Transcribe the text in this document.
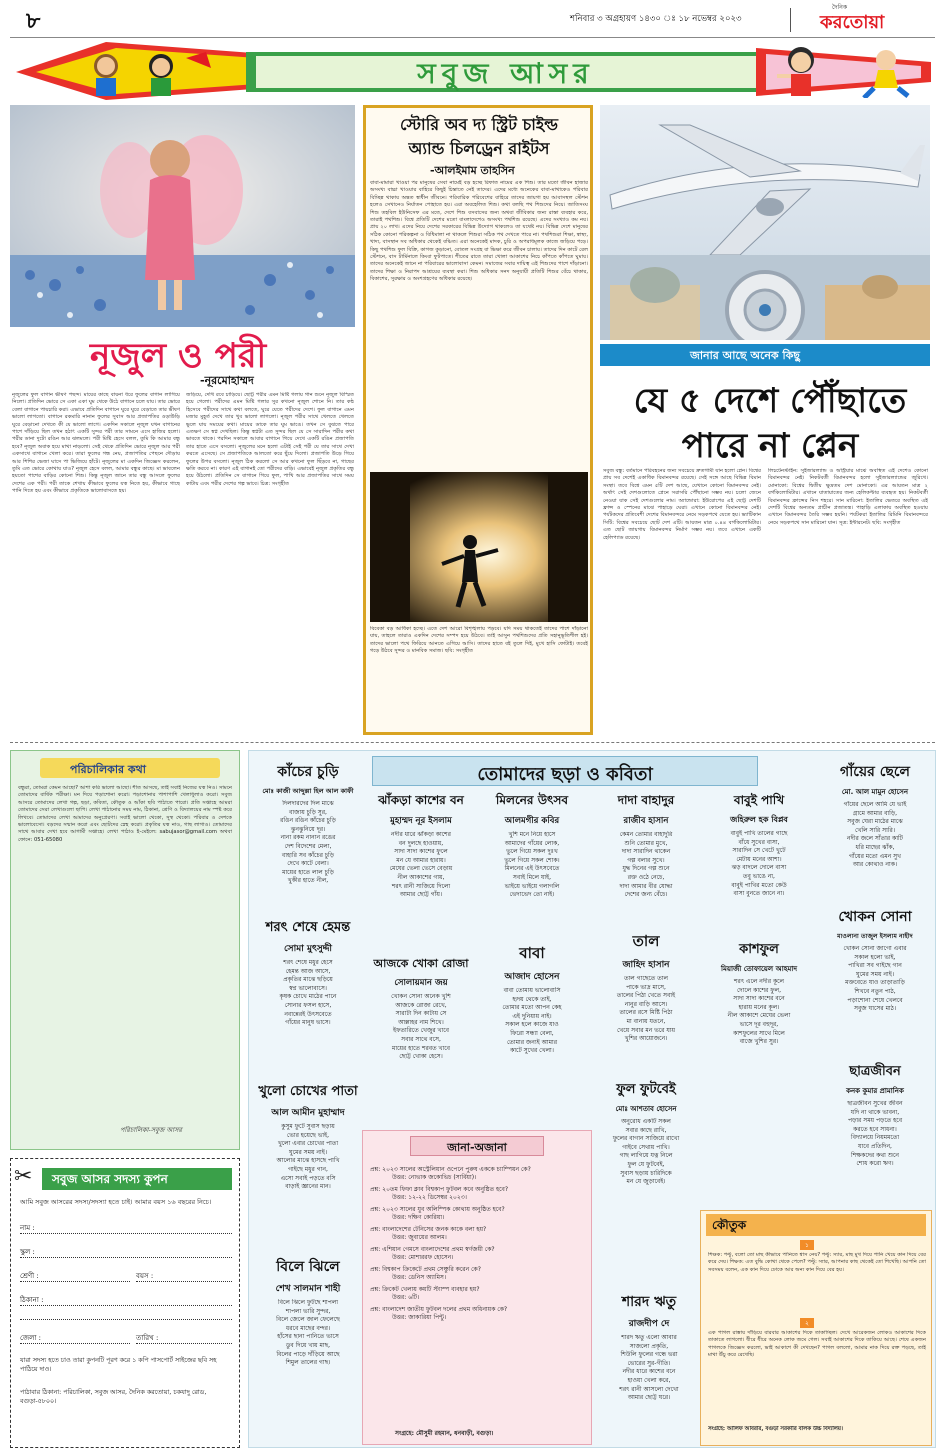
৮	শনিবার ৩ অগ্রহায়ণ ১৪৩০ ঃ ১৮ নভেম্বর ২০২৩
দৈনিক
করতোয়া
সবুজ আসর
নূজুল ও পরী
-নূরমোহাম্মদ
নূজুলের ফুল বাগান ভীষণ পছন্দ। মায়ের কাছে বায়না ধরে ফুলের বাগান লাগিয়ে নিলো। প্রতিদিন ভোরে সে একা একা ঘুম থেকে উঠে বাগানে চলে যায়। তার ভোরে বেলা বাগানে পায়চারি করা। এভাবে প্রতিদিন বাগানে ঘুরে ঘুরে বেড়াতে তার ভীষণ ভালো লাগতো। বাগানে রকমারি নানান ফুলের সুবাস আর প্রজাপতির ওড়াউড়ি ঘুরে বেড়ানো দেখতে কী যে ভালো লাগে। একদিন সকালে নূজুল যখন বাগানের পাশে দাঁড়িয়ে ছিল তখন হঠাৎ একটি সুন্দর পরী তার সামনে এসে হাজির হলো। পরীর ডানা দুটো রঙিন আর ঝলমলে। পরী মিষ্টি হেসে বলল, তুমি কি আমার বন্ধু হবে? নূজুল অবাক হয়ে মাথা নাড়লো। সেই থেকে প্রতিদিন ভোরে নূজুল আর পরী একসাথে বাগানে খেলা করে। তারা ফুলের গন্ধ নেয়, প্রজাপতির পেছনে দৌড়ায় আর শিশির ভেজা ঘাসে পা ভিজিয়ে হাঁটে। নূজুলের মা একদিন জিজ্ঞেস করলেন, তুমি এত ভোরে কোথায় যাও? নূজুল হেসে বলল, আমার বন্ধুর কাছে। মা ভাবলেন হয়তো পাশের বাড়ির কোনো শিশু। কিন্তু নূজুল জানে তার বন্ধু আসলে ফুলের দেশের এক পরী। পরী তাকে শেখায় কীভাবে ফুলের যত্ন নিতে হয়, কীভাবে গাছে পানি দিতে হয় এবং কীভাবে প্রকৃতিকে ভালোবাসতে হয়।
জড়িয়ে, দেখি রবে চাড়িয়ে। ছোট্ট পরীর এমন মিষ্টি গলায় গান শুনে নূজুল বিস্মিত হয়ে গেলো। পরীদের এমন মিষ্টি গলার সুর কখনো নূজুল শোনে নি। তার কন্ঠ হিসেবে পরীদের সাথে কথা বলতে, ঘুরে যেতে পরীদের দেশে। ফুল বাগানে এমন মজার মুহূর্ত দেখে তার খুব ভালো লাগলো। নূজুল পরীর সাথে খেলতে খেলতে ভুলে যায় সময়ের কথা। মায়ের ডাকে তার ঘুম ভাঙে। তখন সে বুঝতে পারে এতক্ষণ সে স্বপ্ন দেখছিল। কিন্তু স্বপ্নটা এত সুন্দর ছিল যে সে সারাদিন পরীর কথা ভাবতে থাকে। পরদিন সকালে আবার বাগানে গিয়ে দেখে একটি রঙিন প্রজাপতি তার হাতে এসে বসলো। নূজুলের মনে হলো এটাই সেই পরী যে তার সাথে দেখা করতে এসেছে। সে প্রজাপতিকে আলতো করে ছুঁয়ে দিলো। প্রজাপতি উড়ে গিয়ে ফুলের উপর বসলো। নূজুল ঠিক করলো সে আর কখনো ফুল ছিঁড়বে না, গাছের ক্ষতি করবে না। কারণ এই বাগানই তো পরীদের বাড়ি। এভাবেই নূজুল প্রকৃতির বন্ধু হয়ে উঠলো। প্রতিদিন সে বাগানে গিয়ে ফুল, পাখি আর প্রজাপতির সাথে সময় কাটায় এবং পরীর দেশের গল্প ভাবে। চিত্র: সংগৃহীত
স্টোরি অব দ্য স্ট্রিট চাইল্ড
অ্যান্ড চিলড্রেন রাইটস
-আলইমাম তাহসিন
বাবা-মামারা খাওয়া পর মানুষের সেবা নামেই বড় হচ্ছে রিফাত নামের এক শিশু। তার মতো জীবন হাজার অসংখ্য বাচ্চা খাওয়ার বাহিরে কিছুই চিন্তাতে নেই তাদের। এদের মধ্যে অনেকের বাবা-মাথাকেও পরিবার বিচ্ছিন্ন থাকায় অন্তত স্বাধীন জীবনে। পরিবারিক পরিবেশের বাহিরে তাদের জায়গা হয় আবাসস্থল স্টেশন হলেও সেখানেও নির্যাতন পোহাতে হয়। এরা অবহেলিত শিশু। কথা বলছি পথ শিশুদের নিয়ে। জাতিসংঘ শিশু তহবিল ইউনিসেফ এর মতে, দেশে শিশু বসবাসের জন্য অথবা জীবিকার জন্য রাস্তা ব্যবহার করে, তারাই পথশিশু। বিশ্বে প্রতিটি দেশের মতো বাংলাদেশেও অসংখ্য পথশিশু রয়েছে। এদের সংখ্যাও কম নয়। প্রায় ২০ লাখ। এদের নিয়ে দেশের সরকারের বিভিন্ন উদ্যোগ থাকলেও তা যথেষ্ট নয়। বিভিন্ন দেশে মানুষের সঠিক কোনো পরিকল্পনা ও বিধিমালা না থাকলে শিশুরা সঠিক পথ দেখতে পারে না। পথশিশুরা শিক্ষা, স্বাস্থ্য, খাদ্য, বাসস্থান সব অধিকার থেকেই বঞ্চিত। এরা অনেকেই মাদক, চুরি ও অপরাধমূলক কাজে জড়িয়ে পড়ে। কিছু পথশিশু ফুল বিক্রি, কাগজ কুড়ানো, বোতল সংগ্রহ বা ভিক্ষা করে জীবন চালায়। তাদের দিন কাটে রেল স্টেশনে, বাস টার্মিনালে কিংবা ফুটপাতে। শীতের রাতে তারা খোলা আকাশের নিচে কাঁপতে কাঁপতে ঘুমায়। তাদের অনেকেই জানে না পরিবারের ভালোবাসা কেমন। সমাজের সবার দায়িত্ব এই শিশুদের পাশে দাঁড়ানো। তাদের শিক্ষা ও নিরাপদ আশ্রয়ের ব্যবস্থা করা। শিশু অধিকার সনদ অনুযায়ী প্রতিটি শিশুর বেঁচে থাকার, বিকাশের, সুরক্ষার ও অংশগ্রহণের অধিকার রয়েছে।
বিবেকা বড় আধিকা হচ্ছে। এতে দেশ আরো বিশৃঙ্খলায় পড়বে। যদি সময় থাকতেই তাদের পাশে দাঁড়ানো যায়, তাহলে তারাও একদিন দেশের সম্পদ হয়ে উঠবে। তাই আসুন পথশিশুদের প্রতি সহানুভূতিশীল হই। তাদের ভালো পথে ফিরিয়ে আনতে এগিয়ে আসি। তাদের হাতে বই তুলে দিই, মুখে হাসি ফোটাই। তবেই গড়ে উঠবে সুন্দর ও মানবিক সমাজ। ছবি: সংগৃহীত
জানার আছে অনেক কিছু
যে ৫ দেশে পৌঁছাতে
পারে না প্লেন
সবুজ বন্ধু: বর্তমানে পরিবহনের জন্য সবচেয়ে দ্রুতগামী যান হলো প্লেন। বিশ্বের প্রায় সব দেশেই একাধিক বিমানবন্দর রয়েছে। সেই সঙ্গে আছে বিভিন্ন বিমান সংস্থা। তবে বিশ্বে এমন ৫টি দেশ আছে, যেখানে কোনো বিমানবন্দর নেই। অর্থাৎ সেই দেশগুলোতে প্লেনে সরাসরি পৌঁছানো সম্ভব নয়। চলো জেনে নেওয়া যাক সেই দেশগুলোর নাম। অ্যান্ডোরা: ইউরোপের এই ছোট্ট দেশটি ফ্রান্স ও স্পেনের মাঝে পাহাড়ে ঘেরা। এখানে কোনো বিমানবন্দর নেই। পর্যটকদের প্রতিবেশী দেশের বিমানবন্দরে নেমে সড়কপথে যেতে হয়। ভ্যাটিকান সিটি: বিশ্বের সবচেয়ে ছোট দেশ এটি। আয়তন মাত্র ০.৪৪ বর্গকিলোমিটার। এত ছোট জায়গায় বিমানবন্দর নির্মাণ সম্ভব নয়। তবে এখানে একটি হেলিপ্যাড রয়েছে।
লিচটেনস্টাইন: সুইজারল্যান্ড ও অস্ট্রিয়ার মাঝে অবস্থিত এই দেশেও কোনো বিমানবন্দর নেই। নিকটবর্তী বিমানবন্দর হলো সুইজারল্যান্ডের জুরিখে। মোনাকো: বিশ্বের দ্বিতীয় ক্ষুদ্রতম দেশ মোনাকো। এর আয়তন মাত্র ২ বর্গকিলোমিটার। এখানে যাতায়াতের জন্য হেলিকপ্টার ব্যবহৃত হয়। নিকটবর্তী বিমানবন্দর ফ্রান্সের নিস শহরে। সান মারিনো: ইতালির ভেতরে অবস্থিত এই দেশটি বিশ্বের অন্যতম প্রাচীন প্রজাতন্ত্র। পাহাড়ি এলাকায় অবস্থিত হওয়ায় এখানে বিমানবন্দর তৈরি সম্ভব হয়নি। পর্যটকরা ইতালির রিমিনি বিমানবন্দরে নেমে সড়কপথে সান মারিনো যান। সূত্র: ইন্টারনেট। ছবি: সংগৃহীত
পরিচালিকার কথা
বন্ধুরা, তোমরা কেমন আছো? আশা করি ভালো আছো। শীত আসছে, তাই সবাই নিজের যত্ন নিও। সামনে তোমাদের বার্ষিক পরীক্ষা। মন দিয়ে পড়াশোনা করো। পড়াশোনার পাশাপাশি খেলাধুলাও করো। সবুজ আসরে তোমাদের লেখা গল্প, ছড়া, কবিতা, কৌতুক ও আঁকা ছবি পাঠাতে পারো। প্রতি সপ্তাহে আমরা তোমাদের সেরা লেখাগুলো ছাপি। লেখা পাঠানোর সময় নাম, ঠিকানা, শ্রেণি ও বিদ্যালয়ের নাম স্পষ্ট করে লিখবে। তোমাদের লেখা আমাদের অনুপ্রেরণা। সবাই ভালো থেকো, সুস্থ থেকো। পরিবার ও দেশকে ভালোবেসো। বড়দের সম্মান করো এবং ছোটদের স্নেহ করো। প্রকৃতির যত্ন নাও, গাছ লাগাও। তোমাদের সাথে আবার দেখা হবে আগামী সপ্তাহে। লেখা পাঠাও ই-মেইলে: sabujasor@gmail.com অথবা ফোনে: 051-65080
পরিচালিকা-সবুজ আসর
✂ সবুজ আসর সদস্য কুপন
আমি সবুজ আসরের সদস্য/সদস্যা হতে চাই। আমার বয়স ১৬ বছরের নিচে।
নাম :
স্কুল :
শ্রেণী :	বয়স :
ঠিকানা :
জেলা :	তারিখ :
যারা সদস্য হতে চাও তারা কুপনটি পূরণ করে ১ কপি পাসপোর্ট সাইজের ছবি সহ পাঠিয়ে দাও।
পাঠাবার ঠিকানা: পরিচালিকা, সবুজ আসর, দৈনিক করতোয়া, চকযাদু রোড, বগুড়া-৫৮০০।
তোমাদের ছড়া ও কবিতা
কাঁচের চুড়ি
মোঃ কাজী আব্দুল্লা হিল আল কাফী
দিলদারদের দিল মাঝে
বাজায় চুড়ি সুর,
রঙিন রঙিন কাঁচের চুড়ি
ঝুনঝুনিয়ে দূর।
নানা রকম নানান রঙের
দেশ বিদেশের মেলা,
বাহারি সব কাঁচের চুড়ি
দেখে কাটে বেলা।
মায়ের হাতে লাল চুড়ি
খুকীর হাতে নীল,
শরৎ শেষে হেমন্ত
সোমা মুৎসুদ্দী
শরৎ শেষে মধুর হেসে
হেমন্ত আজ আসে,
প্রকৃতির মাঝে ছড়িয়ে
স্বপ্ন ভালোবাসে।
কৃষক চোখে মাঠের পানে
সোনার ফসল হাসে,
নবান্নেরই উৎসবেতে
গাঁয়ের মানুষ ভাসে।
খুলো চোখের পাতা
আল আমীন মুহাম্মাদ
কুসুম ফুটে সুবাস ছড়ায়
ভোর হয়েছে ভাই,
খুলো এবার চোখের পাতা
ঘুমের সময় নাই।
আলোর মাঝে হাসছে পাখি
গাইছে মধুর গান,
এসো সবাই পড়তে বসি
বাড়াই জ্ঞানের মান।
বিলে ঝিলে
শেখ সালমান শাহী
বিলে ঝিলে ফুটছে শাপলা
শাপলা ভারি সুন্দর,
বিলে জেলে জাল ফেলেছে
ধরবে মাছের বন্দর।
হাঁসের ছানা পানিতে ভাসে
ডুব দিয়ে খায় মাছ,
বিলের পাড়ে দাঁড়িয়ে আছে
শিমুল তালের গাছ।
ঝাঁকড়া কাশের বন
মুহাম্মদ নূর ইসলাম
নদীর ধারে ঝাঁকড়া কাশের
বন দুলছে হাওয়ায়,
সাদা সাদা কাশের ফুলে
মন যে আমার হারায়।
মেঘের ভেলা ভেসে বেড়ায়
নীল আকাশের গায়,
শরৎ রানী সাজিয়ে দিলো
আমার ছোট্ট গাঁয়।
আজকে খোকা রোজা
সোলায়মান জয়
খোকন সোনা অনেক খুশি
আজকে রোজা রেখে,
সারাটা দিন কাটায় সে
আল্লাহর নাম শিখে।
ইফতারিতে খেজুর খাবে
সবার সাথে বসে,
মায়ের হাতে শরবত খাবে
ছোট্ট খোকা হেসে।
মিলনের উৎসব
আলমগীর কবির
খুশি মনে নিয়ে হাসে
আমাদের গাঁয়ের লোক,
ভুলে গিয়ে সকল দুঃখ
ভুলে গিয়ে সকল শোক।
মিলনের এই উৎসবেতে
সবাই মিলে যাই,
ভাইয়ে ভাইয়ে গলাগলি
ভেদাভেদ তো নাই।
বাবা
আজাদ হোসেন
বাবা তোমায় ভালোবাসি
হৃদয় থেকে তাই,
তোমার মতো আপন কেহ
এই দুনিয়ায় নাই।
সকাল হলে কাজে যাও
ফিরো সন্ধ্যা বেলা,
তোমার জন্যই আমার
কাটে সুখের খেলা।
দাদা বাহাদুর
রাজীব হাসান
কেমন তোমার বাহাদুরি
শুনি তোমার মুখে,
দাদা সারাদিন থাকেন
গল্প বলার সুখে।
যুদ্ধ দিনের গল্প শুনে
রক্ত ওঠে নেচে,
দাদা আমার বীর যোদ্ধা
দেশের জন্য বেঁচে।
তাল
জাহিদ হাসান
তাল গাছেতে তাল
পাকে ভাদ্র মাসে,
তালের পিঠা খেতে সবাই
নানুর বাড়ি আসে।
তালের রসে মিষ্টি পিঠা
মা বানায় যতনে,
খেয়ে সবার মন ভরে যায়
খুশির আয়োজনে।
ফুল ফুটবেই
মোঃ আশতাব হোসেন
অনুরোধ একটি সকল
সবার কাছে রাখি,
ফুলের বাগান সাজিয়ে রাখো
গাইবে সেথায় পাখি।
গাছ লাগিয়ে যত্ন নিলে
ফুল যে ফুটবেই,
সুবাস ছড়ায় চারিদিকে
মন যে জুড়াবেই।
বাবুই পাখি
জহিরুল হক বিপ্লব
বাবুই পাখি তালের গাছে
বাঁধে সুখের বাসা,
সারাদিন সে খেটে খুটে
মেটায় মনের আশা।
ঝড় বাদলে দোলে বাসা
তবু ভাঙে না,
বাবুই পাখির মতো কেউ
বাসা বুনতে জানে না।
কাশফুল
মিয়াজী তোফায়েল আহমাদ
শরৎ এলে নদীর কূলে
দোলে কাশের ফুল,
সাদা সাদা কাশের বনে
হারায় মনের কূল।
নীল আকাশে মেঘের ভেলা
ভাসে দূর বহুদূর,
কাশফুলের সাথে মিলে
বাজে খুশির সুর।
শারদ ঋতু
রাজদীপ দে
শারদ ঋতু এলো আবার
সাজলো প্রকৃতি,
শিউলি ফুলের গন্ধে ভরা
ভোরের সুর-গীতি।
নদীর ধারে কাশের বনে
হাওয়া খেলা করে,
শরৎ রানী আসলো দেখো
আমার ছোট্ট ঘরে।
গাঁয়ের ছেলে
মো. আল মামুন হোসেন
গাঁয়ের ছেলে আমি যে ভাই
গ্রামে আমার বাড়ি,
সবুজ ঘেরা মাঠের মাঝে
খেলি সারি সারি।
নদীর জলে সাঁতার কাটি
ধরি মাছের ঝাঁক,
গাঁয়ের মতো এমন সুখ
আর কোথাও নাক।
খোকন সোনা
মাওলানা তাজুল ইসলাম নাহীদ
খোকন সোনা জাগো এবার
সকাল হলো ভাই,
পাখিরা সব গাইছে গান
ঘুমের সময় নাই।
মক্তবেতে যাও তাড়াতাড়ি
শিখবে নতুন পাঠ,
পড়াশোনা শেষে খেলবে
সবুজ ঘাসের মাঠ।
ছাত্রজীবন
কনক কুমার প্রামানিক
ছাত্রজীবন সুখের জীবন
যদি না থাকে ভাবনা,
পড়ার সময় পড়তে হবে
করতে হবে সাধনা।
বিদ্যালয়ে নিয়মমতো
যাবে প্রতিদিন,
শিক্ষকদের কথা শুনে
শোধ করো ঋণ।
জানা-অজানা
প্রশ্ন: ২০২৩ সালের অস্ট্রেলিয়ান ওপেনে পুরুষ এককে চ্যাম্পিয়ন কে?
উত্তর: নোভাক জকোভিচ (সার্বিয়া)।
প্রশ্ন: ২০তম ফিফা ক্লাব বিশ্বকাপ ফুটবল কবে অনুষ্ঠিত হবে?
উত্তর: ১২-২২ ডিসেম্বর ২০২৩।
প্রশ্ন: ২০২৩ সালের যুব অলিম্পিক কোথায় অনুষ্ঠিত হবে?
উত্তর: দক্ষিণ কোরিয়া।
প্রশ্ন: বাংলাদেশের টেনিসের জনক কাকে বলা হয়?
উত্তর: জুবায়ের আলম।
প্রশ্ন: এশিয়ান গেমসে বাংলাদেশের প্রথম স্বর্ণজয়ী কে?
উত্তর: মোশাররফ হোসেন।
প্রশ্ন: বিশ্বকাপ ক্রিকেটে প্রথম সেঞ্চুরি করেন কে?
উত্তর: ডেনিস অ্যামিস।
প্রশ্ন: ক্রিকেট খেলায় কয়টি স্ট্যাম্প ব্যবহার হয়?
উত্তর: ৬টি।
প্রশ্ন: বাংলাদেশ জাতীয় ফুটবল দলের প্রথম অধিনায়ক কে?
উত্তর: জাকারিয়া পিন্টু।
সংগ্রহে: মৌসুমী রহমান, ধনবাড়ী, বগুড়া।
কৌতুক
১
শিক্ষক: পল্টু, বলো তো মাছ কীভাবে পানিতে শ্বাস নেয়? পল্টু: স্যার, মাছ মুখ দিয়ে পানি খেয়ে কান দিয়ে বের করে দেয়। শিক্ষক: এত বুদ্ধি কোথা থেকে পেলে? পল্টু: স্যার, আপনার কাছ থেকেই তো শিখেছি। আপনি তো সবসময় বলেন, এক কান দিয়ে ঢোকে আর অন্য কান দিয়ে বের হয়।
২
এক পাগল রাস্তায় দাঁড়িয়ে বারবার আকাশের দিকে তাকাচ্ছিল। দেখে আরেকজন লোকও আকাশের দিকে তাকাতে লাগলো। ধীরে ধীরে অনেক লোক জমে গেল। সবাই আকাশের দিকে তাকিয়ে আছে। শেষে একজন পাগলকে জিজ্ঞেস করলো, ভাই আকাশে কী দেখছেন? পাগল বললো, আমার নাক দিয়ে রক্ত পড়ছে, তাই মাথা উঁচু করে রেখেছি।
সংগ্রহে: আলিফ আবরার, বগুড়া সরকারি বালক উচ্চ বিদ্যালয়।
